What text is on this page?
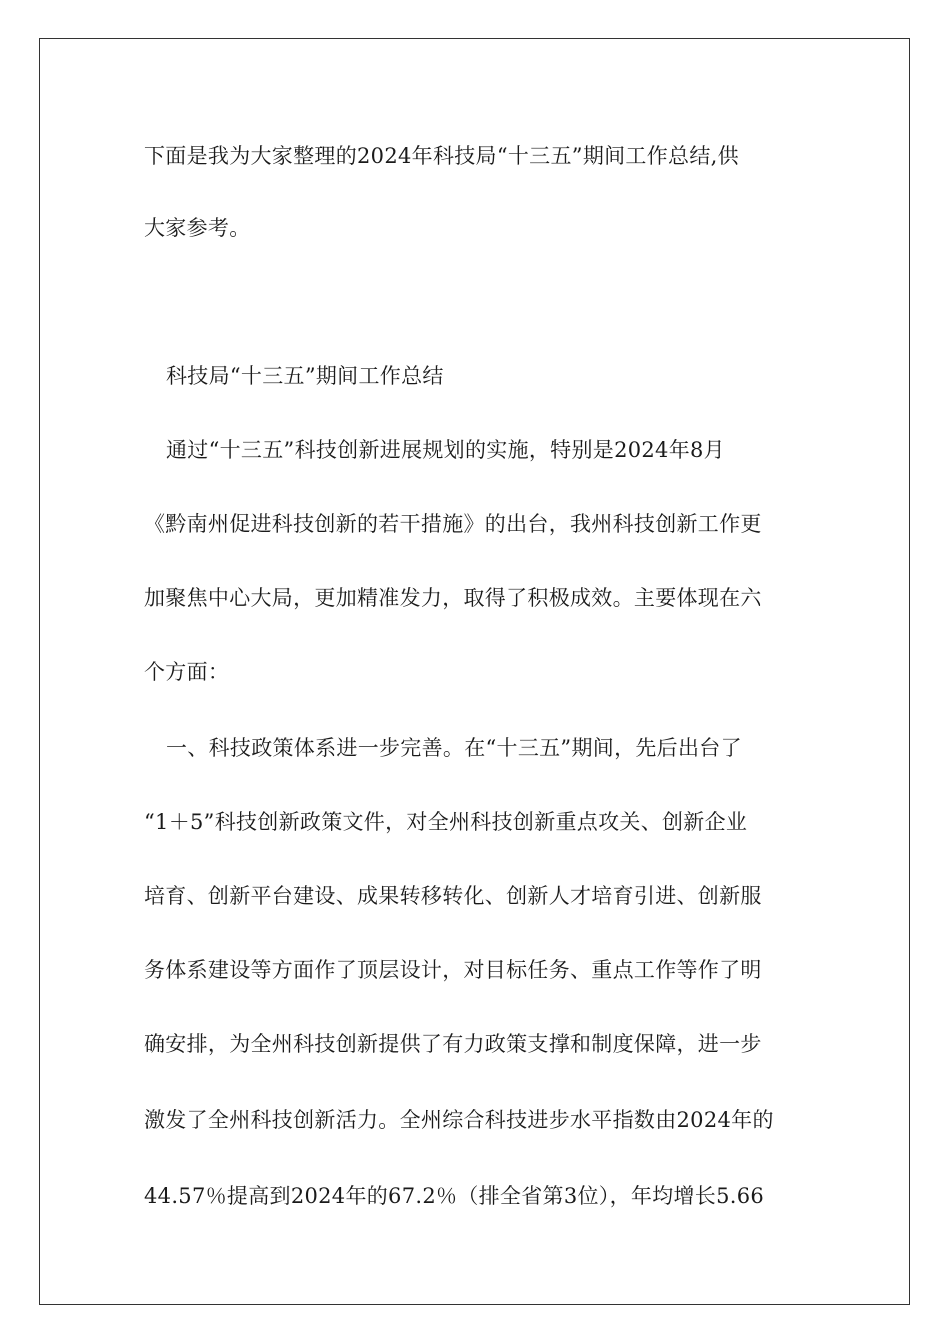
下面是我为大家整理的2024年科技局“十三五”期间工作总结,供
大家参考。
科技局“十三五”期间工作总结
通过“十三五”科技创新进展规划的实施，特别是2024年8月
《黔南州促进科技创新的若干措施》的出台，我州科技创新工作更
加聚焦中心大局，更加精准发力，取得了积极成效。主要体现在六
个方面：
一、科技政策体系进一步完善。在“十三五”期间，先后出台了
“1＋5”科技创新政策文件，对全州科技创新重点攻关、创新企业
培育、创新平台建设、成果转移转化、创新人才培育引进、创新服
务体系建设等方面作了顶层设计，对目标任务、重点工作等作了明
确安排，为全州科技创新提供了有力政策支撑和制度保障，进一步
激发了全州科技创新活力。全州综合科技进步水平指数由2024年的
44.57％提高到2024年的67.2％（排全省第3位），年均增长5.66
